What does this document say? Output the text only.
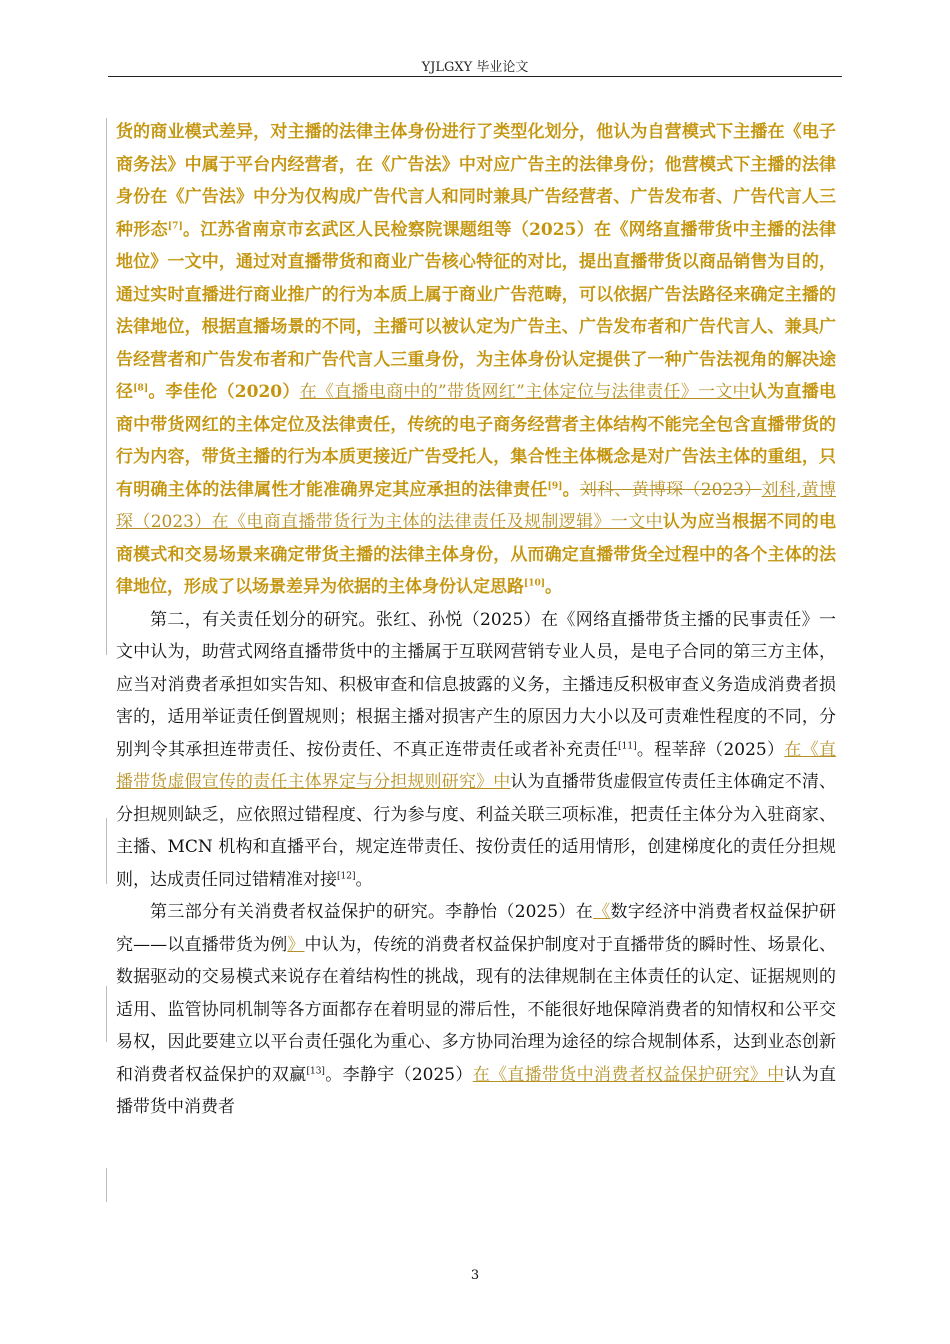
YJLGXY 毕业论文

货的商业模式差异，对主播的法律主体身份进行了类型化划分，他认为自营模式下主播在《电子商务法》中属于平台内经营者，在《广告法》中对应广告主的法律身份；他营模式下主播的法律身份在《广告法》中分为仅构成广告代言人和同时兼具广告经营者、广告发布者、广告代言人三种形态[7]。江苏省南京市玄武区人民检察院课题组等（2025）在《网络直播带货中主播的法律地位》一文中，通过对直播带货和商业广告核心特征的对比，提出直播带货以商品销售为目的，通过实时直播进行商业推广的行为本质上属于商业广告范畴，可以依据广告法路径来确定主播的法律地位，根据直播场景的不同，主播可以被认定为广告主、广告发布者和广告代言人、兼具广告经营者和广告发布者和广告代言人三重身份，为主体身份认定提供了一种广告法视角的解决途径[8]。李佳伦（2020）在《直播电商中的”带货网红”主体定位与法律责任》一文中认为直播电商中带货网红的主体定位及法律责任，传统的电子商务经营者主体结构不能完全包含直播带货的行为内容，带货主播的行为本质更接近广告受托人，集合性主体概念是对广告法主体的重组，只有明确主体的法律属性才能准确界定其应承担的法律责任[9]。刘科、黄博琛（2023）刘科,黄博琛（2023）在《电商直播带货行为主体的法律责任及规制逻辑》一文中认为应当根据不同的电商模式和交易场景来确定带货主播的法律主体身份，从而确定直播带货全过程中的各个主体的法律地位，形成了以场景差异为依据的主体身份认定思路[10]。

第二，有关责任划分的研究。张红、孙悦（2025）在《网络直播带货主播的民事责任》一文中认为，助营式网络直播带货中的主播属于互联网营销专业人员，是电子合同的第三方主体，应当对消费者承担如实告知、积极审查和信息披露的义务，主播违反积极审查义务造成消费者损害的，适用举证责任倒置规则；根据主播对损害产生的原因力大小以及可责难性程度的不同，分别判令其承担连带责任、按份责任、不真正连带责任或者补充责任[11]。程莘辞（2025）在《直播带货虚假宣传的责任主体界定与分担规则研究》中认为直播带货虚假宣传责任主体确定不清、分担规则缺乏，应依照过错程度、行为参与度、利益关联三项标准，把责任主体分为入驻商家、主播、MCN 机构和直播平台，规定连带责任、按份责任的适用情形，创建梯度化的责任分担规则，达成责任同过错精准对接[12]。

第三部分有关消费者权益保护的研究。李静怡（2025）在《数字经济中消费者权益保护研究——以直播带货为例》中认为，传统的消费者权益保护制度对于直播带货的瞬时性、场景化、数据驱动的交易模式来说存在着结构性的挑战，现有的法律规制在主体责任的认定、证据规则的适用、监管协同机制等各方面都存在着明显的滞后性，不能很好地保障消费者的知情权和公平交易权，因此要建立以平台责任强化为重心、多方协同治理为途径的综合规制体系，达到业态创新和消费者权益保护的双赢[13]。李静宇（2025）在《直播带货中消费者权益保护研究》中认为直播带货中消费者

3
